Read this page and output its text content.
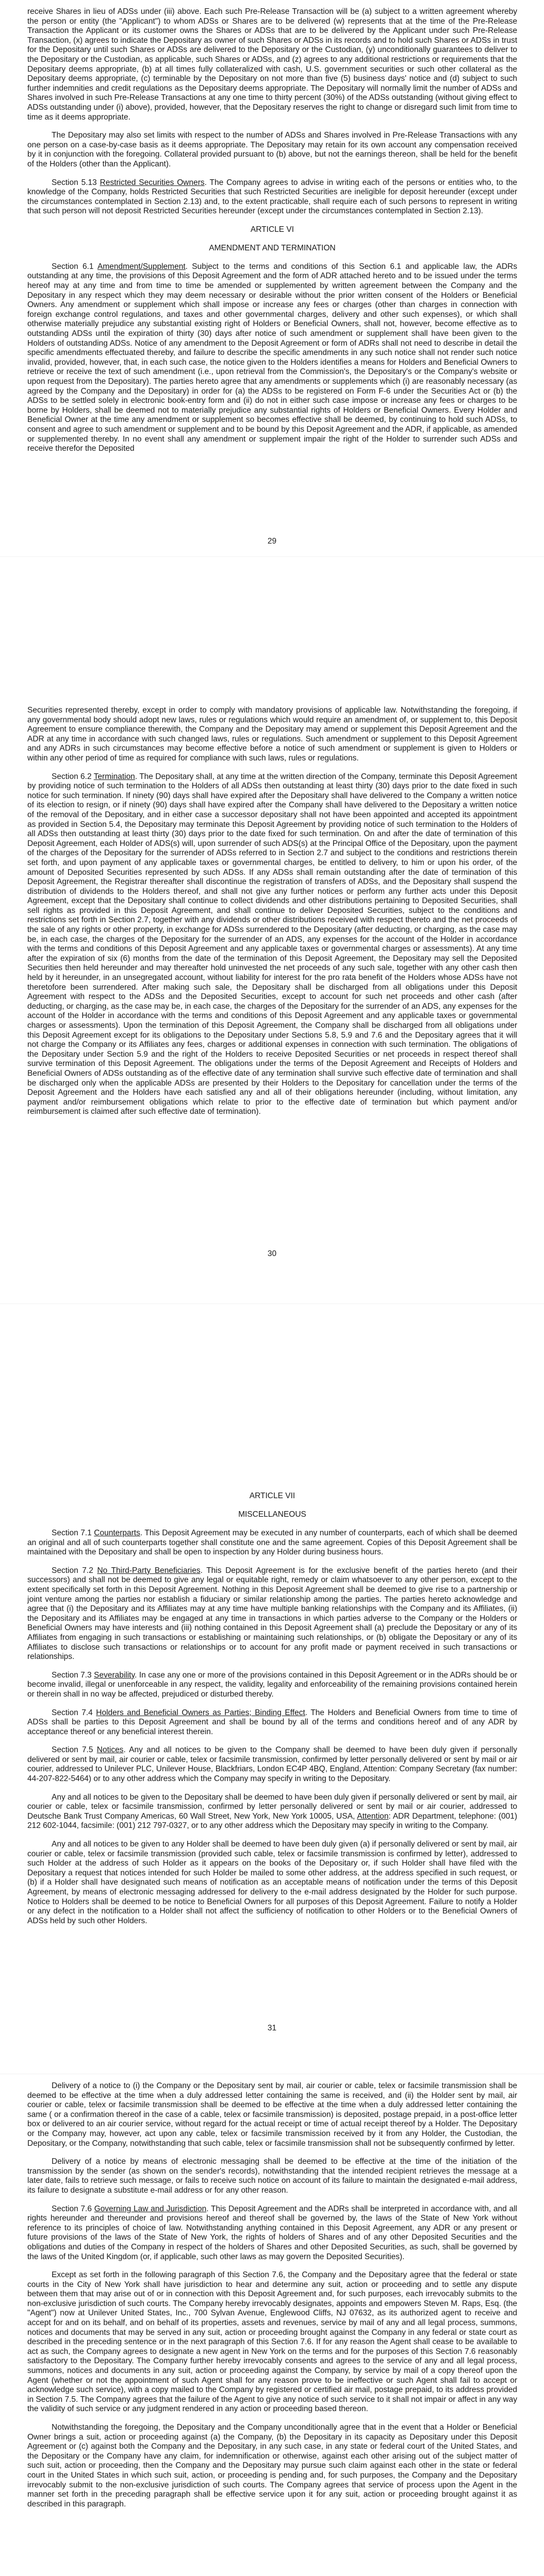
receive Shares in lieu of ADSs under (iii) above. Each such Pre-Release Transaction will be (a) subject to a written agreement whereby the person or entity (the "Applicant") to whom ADSs or Shares are to be delivered (w) represents that at the time of the Pre-Release Transaction the Applicant or its customer owns the Shares or ADSs that are to be delivered by the Applicant under such Pre-Release Transaction, (x) agrees to indicate the Depositary as owner of such Shares or ADSs in its records and to hold such Shares or ADSs in trust for the Depositary until such Shares or ADSs are delivered to the Depositary or the Custodian, (y) unconditionally guarantees to deliver to the Depositary or the Custodian, as applicable, such Shares or ADSs, and (z) agrees to any additional restrictions or requirements that the Depositary deems appropriate, (b) at all times fully collateralized with cash, U.S. government securities or such other collateral as the Depositary deems appropriate, (c) terminable by the Depositary on not more than five (5) business days' notice and (d) subject to such further indemnities and credit regulations as the Depositary deems appropriate. The Depositary will normally limit the number of ADSs and Shares involved in such Pre-Release Transactions at any one time to thirty percent (30%) of the ADSs outstanding (without giving effect to ADSs outstanding under (i) above), provided, however, that the Depositary reserves the right to change or disregard such limit from time to time as it deems appropriate.

The Depositary may also set limits with respect to the number of ADSs and Shares involved in Pre-Release Transactions with any one person on a case-by-case basis as it deems appropriate. The Depositary may retain for its own account any compensation received by it in conjunction with the foregoing. Collateral provided pursuant to (b) above, but not the earnings thereon, shall be held for the benefit of the Holders (other than the Applicant).

Section 5.13 Restricted Securities Owners. The Company agrees to advise in writing each of the persons or entities who, to the knowledge of the Company, holds Restricted Securities that such Restricted Securities are ineligible for deposit hereunder (except under the circumstances contemplated in Section 2.13) and, to the extent practicable, shall require each of such persons to represent in writing that such person will not deposit Restricted Securities hereunder (except under the circumstances contemplated in Section 2.13).

ARTICLE VI
AMENDMENT AND TERMINATION

Section 6.1 Amendment/Supplement. Subject to the terms and conditions of this Section 6.1 and applicable law, the ADRs outstanding at any time, the provisions of this Deposit Agreement and the form of ADR attached hereto and to be issued under the terms hereof may at any time and from time to time be amended or supplemented by written agreement between the Company and the Depositary in any respect which they may deem necessary or desirable without the prior written consent of the Holders or Beneficial Owners. Any amendment or supplement which shall impose or increase any fees or charges (other than charges in connection with foreign exchange control regulations, and taxes and other governmental charges, delivery and other such expenses), or which shall otherwise materially prejudice any substantial existing right of Holders or Beneficial Owners, shall not, however, become effective as to outstanding ADSs until the expiration of thirty (30) days after notice of such amendment or supplement shall have been given to the Holders of outstanding ADSs. Notice of any amendment to the Deposit Agreement or form of ADRs shall not need to describe in detail the specific amendments effectuated thereby, and failure to describe the specific amendments in any such notice shall not render such notice invalid, provided, however, that, in each such case, the notice given to the Holders identifies a means for Holders and Beneficial Owners to retrieve or receive the text of such amendment (i.e., upon retrieval from the Commission's, the Depositary's or the Company's website or upon request from the Depositary). The parties hereto agree that any amendments or supplements which (i) are reasonably necessary (as agreed by the Company and the Depositary) in order for (a) the ADSs to be registered on Form F-6 under the Securities Act or (b) the ADSs to be settled solely in electronic book-entry form and (ii) do not in either such case impose or increase any fees or charges to be borne by Holders, shall be deemed not to materially prejudice any substantial rights of Holders or Beneficial Owners. Every Holder and Beneficial Owner at the time any amendment or supplement so becomes effective shall be deemed, by continuing to hold such ADSs, to consent and agree to such amendment or supplement and to be bound by this Deposit Agreement and the ADR, if applicable, as amended or supplemented thereby. In no event shall any amendment or supplement impair the right of the Holder to surrender such ADSs and receive therefor the Deposited

29

Securities represented thereby, except in order to comply with mandatory provisions of applicable law. Notwithstanding the foregoing, if any governmental body should adopt new laws, rules or regulations which would require an amendment of, or supplement to, this Deposit Agreement to ensure compliance therewith, the Company and the Depositary may amend or supplement this Deposit Agreement and the ADR at any time in accordance with such changed laws, rules or regulations. Such amendment or supplement to this Deposit Agreement and any ADRs in such circumstances may become effective before a notice of such amendment or supplement is given to Holders or within any other period of time as required for compliance with such laws, rules or regulations.

Section 6.2 Termination. The Depositary shall, at any time at the written direction of the Company, terminate this Deposit Agreement by providing notice of such termination to the Holders of all ADSs then outstanding at least thirty (30) days prior to the date fixed in such notice for such termination. If ninety (90) days shall have expired after the Depositary shall have delivered to the Company a written notice of its election to resign, or if ninety (90) days shall have expired after the Company shall have delivered to the Depositary a written notice of the removal of the Depositary, and in either case a successor depositary shall not have been appointed and accepted its appointment as provided in Section 5.4, the Depositary may terminate this Deposit Agreement by providing notice of such termination to the Holders of all ADSs then outstanding at least thirty (30) days prior to the date fixed for such termination. On and after the date of termination of this Deposit Agreement, each Holder of ADS(s) will, upon surrender of such ADS(s) at the Principal Office of the Depositary, upon the payment of the charges of the Depositary for the surrender of ADSs referred to in Section 2.7 and subject to the conditions and restrictions therein set forth, and upon payment of any applicable taxes or governmental charges, be entitled to delivery, to him or upon his order, of the amount of Deposited Securities represented by such ADSs. If any ADSs shall remain outstanding after the date of termination of this Deposit Agreement, the Registrar thereafter shall discontinue the registration of transfers of ADSs, and the Depositary shall suspend the distribution of dividends to the Holders thereof, and shall not give any further notices or perform any further acts under this Deposit Agreement, except that the Depositary shall continue to collect dividends and other distributions pertaining to Deposited Securities, shall sell rights as provided in this Deposit Agreement, and shall continue to deliver Deposited Securities, subject to the conditions and restrictions set forth in Section 2.7, together with any dividends or other distributions received with respect thereto and the net proceeds of the sale of any rights or other property, in exchange for ADSs surrendered to the Depositary (after deducting, or charging, as the case may be, in each case, the charges of the Depositary for the surrender of an ADS, any expenses for the account of the Holder in accordance with the terms and conditions of this Deposit Agreement and any applicable taxes or governmental charges or assessments). At any time after the expiration of six (6) months from the date of the termination of this Deposit Agreement, the Depositary may sell the Deposited Securities then held hereunder and may thereafter hold uninvested the net proceeds of any such sale, together with any other cash then held by it hereunder, in an unsegregated account, without liability for interest for the pro rata benefit of the Holders whose ADSs have not theretofore been surrendered. After making such sale, the Depositary shall be discharged from all obligations under this Deposit Agreement with respect to the ADSs and the Deposited Securities, except to account for such net proceeds and other cash (after deducting, or charging, as the case may be, in each case, the charges of the Depositary for the surrender of an ADS, any expenses for the account of the Holder in accordance with the terms and conditions of this Deposit Agreement and any applicable taxes or governmental charges or assessments). Upon the termination of this Deposit Agreement, the Company shall be discharged from all obligations under this Deposit Agreement except for its obligations to the Depositary under Sections 5.8, 5.9 and 7.6 and the Depositary agrees that it will not charge the Company or its Affiliates any fees, charges or additional expenses in connection with such termination. The obligations of the Depositary under Section 5.9 and the right of the Holders to receive Deposited Securities or net proceeds in respect thereof shall survive termination of this Deposit Agreement. The obligations under the terms of the Deposit Agreement and Receipts of Holders and Beneficial Owners of ADSs outstanding as of the effective date of any termination shall survive such effective date of termination and shall be discharged only when the applicable ADSs are presented by their Holders to the Depositary for cancellation under the terms of the Deposit Agreement and the Holders have each satisfied any and all of their obligations hereunder (including, without limitation, any payment and/or reimbursement obligations which relate to prior to the effective date of termination but which payment and/or reimbursement is claimed after such effective date of termination).

30
ARTICLE VII
MISCELLANEOUS

Section 7.1 Counterparts. This Deposit Agreement may be executed in any number of counterparts, each of which shall be deemed an original and all of such counterparts together shall constitute one and the same agreement. Copies of this Deposit Agreement shall be maintained with the Depositary and shall be open to inspection by any Holder during business hours.

Section 7.2 No Third-Party Beneficiaries. This Deposit Agreement is for the exclusive benefit of the parties hereto (and their successors) and shall not be deemed to give any legal or equitable right, remedy or claim whatsoever to any other person, except to the extent specifically set forth in this Deposit Agreement. Nothing in this Deposit Agreement shall be deemed to give rise to a partnership or joint venture among the parties nor establish a fiduciary or similar relationship among the parties. The parties hereto acknowledge and agree that (i) the Depositary and its Affiliates may at any time have multiple banking relationships with the Company and its Affiliates, (ii) the Depositary and its Affiliates may be engaged at any time in transactions in which parties adverse to the Company or the Holders or Beneficial Owners may have interests and (iii) nothing contained in this Deposit Agreement shall (a) preclude the Depositary or any of its Affiliates from engaging in such transactions or establishing or maintaining such relationships, or (b) obligate the Depositary or any of its Affiliates to disclose such transactions or relationships or to account for any profit made or payment received in such transactions or relationships.

Section 7.3 Severability. In case any one or more of the provisions contained in this Deposit Agreement or in the ADRs should be or become invalid, illegal or unenforceable in any respect, the validity, legality and enforceability of the remaining provisions contained herein or therein shall in no way be affected, prejudiced or disturbed thereby.

Section 7.4 Holders and Beneficial Owners as Parties; Binding Effect. The Holders and Beneficial Owners from time to time of ADSs shall be parties to this Deposit Agreement and shall be bound by all of the terms and conditions hereof and of any ADR by acceptance thereof or any beneficial interest therein.

Section 7.5 Notices. Any and all notices to be given to the Company shall be deemed to have been duly given if personally delivered or sent by mail, air courier or cable, telex or facsimile transmission, confirmed by letter personally delivered or sent by mail or air courier, addressed to Unilever PLC, Unilever House, Blackfriars, London EC4P 4BQ, England, Attention: Company Secretary (fax number: 44-207-822-5464) or to any other address which the Company may specify in writing to the Depositary.

Any and all notices to be given to the Depositary shall be deemed to have been duly given if personally delivered or sent by mail, air courier or cable, telex or facsimile transmission, confirmed by letter personally delivered or sent by mail or air courier, addressed to Deutsche Bank Trust Company Americas, 60 Wall Street, New York, New York 10005, USA, Attention: ADR Department, telephone: (001) 212 602-1044, facsimile: (001) 212 797-0327, or to any other address which the Depositary may specify in writing to the Company.

Any and all notices to be given to any Holder shall be deemed to have been duly given (a) if personally delivered or sent by mail, air courier or cable, telex or facsimile transmission (provided such cable, telex or facsimile transmission is confirmed by letter), addressed to such Holder at the address of such Holder as it appears on the books of the Depositary or, if such Holder shall have filed with the Depositary a request that notices intended for such Holder be mailed to some other address, at the address specified in such request, or (b) if a Holder shall have designated such means of notification as an acceptable means of notification under the terms of this Deposit Agreement, by means of electronic messaging addressed for delivery to the e-mail address designated by the Holder for such purpose. Notice to Holders shall be deemed to be notice to Beneficial Owners for all purposes of this Deposit Agreement. Failure to notify a Holder or any defect in the notification to a Holder shall not affect the sufficiency of notification to other Holders or to the Beneficial Owners of ADSs held by such other Holders.

31

Delivery of a notice to (i) the Company or the Depositary sent by mail, air courier or cable, telex or facsimile transmission shall be deemed to be effective at the time when a duly addressed letter containing the same is received, and (ii) the Holder sent by mail, air courier or cable, telex or facsimile transmission shall be deemed to be effective at the time when a duly addressed letter containing the same ( or a confirmation thereof in the case of a cable, telex or facsimile transmission) is deposited, postage prepaid, in a post-office letter box or delivered to an air courier service, without regard for the actual receipt or time of actual receipt thereof by a Holder. The Depositary or the Company may, however, act upon any cable, telex or facsimile transmission received by it from any Holder, the Custodian, the Depositary, or the Company, notwithstanding that such cable, telex or facsimile transmission shall not be subsequently confirmed by letter.

Delivery of a notice by means of electronic messaging shall be deemed to be effective at the time of the initiation of the transmission by the sender (as shown on the sender's records), notwithstanding that the intended recipient retrieves the message at a later date, fails to retrieve such message, or fails to receive such notice on account of its failure to maintain the designated e-mail address, its failure to designate a substitute e-mail address or for any other reason.

Section 7.6 Governing Law and Jurisdiction. This Deposit Agreement and the ADRs shall be interpreted in accordance with, and all rights hereunder and thereunder and provisions hereof and thereof shall be governed by, the laws of the State of New York without reference to its principles of choice of law. Notwithstanding anything contained in this Deposit Agreement, any ADR or any present or future provisions of the laws of the State of New York, the rights of holders of Shares and of any other Deposited Securities and the obligations and duties of the Company in respect of the holders of Shares and other Deposited Securities, as such, shall be governed by the laws of the United Kingdom (or, if applicable, such other laws as may govern the Deposited Securities).

Except as set forth in the following paragraph of this Section 7.6, the Company and the Depositary agree that the federal or state courts in the City of New York shall have jurisdiction to hear and determine any suit, action or proceeding and to settle any dispute between them that may arise out of or in connection with this Deposit Agreement and, for such purposes, each irrevocably submits to the non-exclusive jurisdiction of such courts. The Company hereby irrevocably designates, appoints and empowers Steven M. Raps, Esq. (the "Agent") now at Unilever United States, Inc., 700 Sylvan Avenue, Englewood Cliffs, NJ 07632, as its authorized agent to receive and accept for and on its behalf, and on behalf of its properties, assets and revenues, service by mail of any and all legal process, summons, notices and documents that may be served in any suit, action or proceeding brought against the Company in any federal or state court as described in the preceding sentence or in the next paragraph of this Section 7.6. If for any reason the Agent shall cease to be available to act as such, the Company agrees to designate a new agent in New York on the terms and for the purposes of this Section 7.6 reasonably satisfactory to the Depositary. The Company further hereby irrevocably consents and agrees to the service of any and all legal process, summons, notices and documents in any suit, action or proceeding against the Company, by service by mail of a copy thereof upon the Agent (whether or not the appointment of such Agent shall for any reason prove to be ineffective or such Agent shall fail to accept or acknowledge such service), with a copy mailed to the Company by registered or certified air mail, postage prepaid, to its address provided in Section 7.5. The Company agrees that the failure of the Agent to give any notice of such service to it shall not impair or affect in any way the validity of such service or any judgment rendered in any action or proceeding based thereon.

Notwithstanding the foregoing, the Depositary and the Company unconditionally agree that in the event that a Holder or Beneficial Owner brings a suit, action or proceeding against (a) the Company, (b) the Depositary in its capacity as Depositary under this Deposit Agreement or (c) against both the Company and the Depositary, in any such case, in any state or federal court of the United States, and the Depositary or the Company have any claim, for indemnification or otherwise, against each other arising out of the subject matter of such suit, action or proceeding, then the Company and the Depositary may pursue such claim against each other in the state or federal court in the United States in which such suit, action, or proceeding is pending and, for such purposes, the Company and the Depositary irrevocably submit to the non-exclusive jurisdiction of such courts. The Company agrees that service of process upon the Agent in the manner set forth in the preceding paragraph shall be effective service upon it for any suit, action or proceeding brought against it as described in this paragraph.
